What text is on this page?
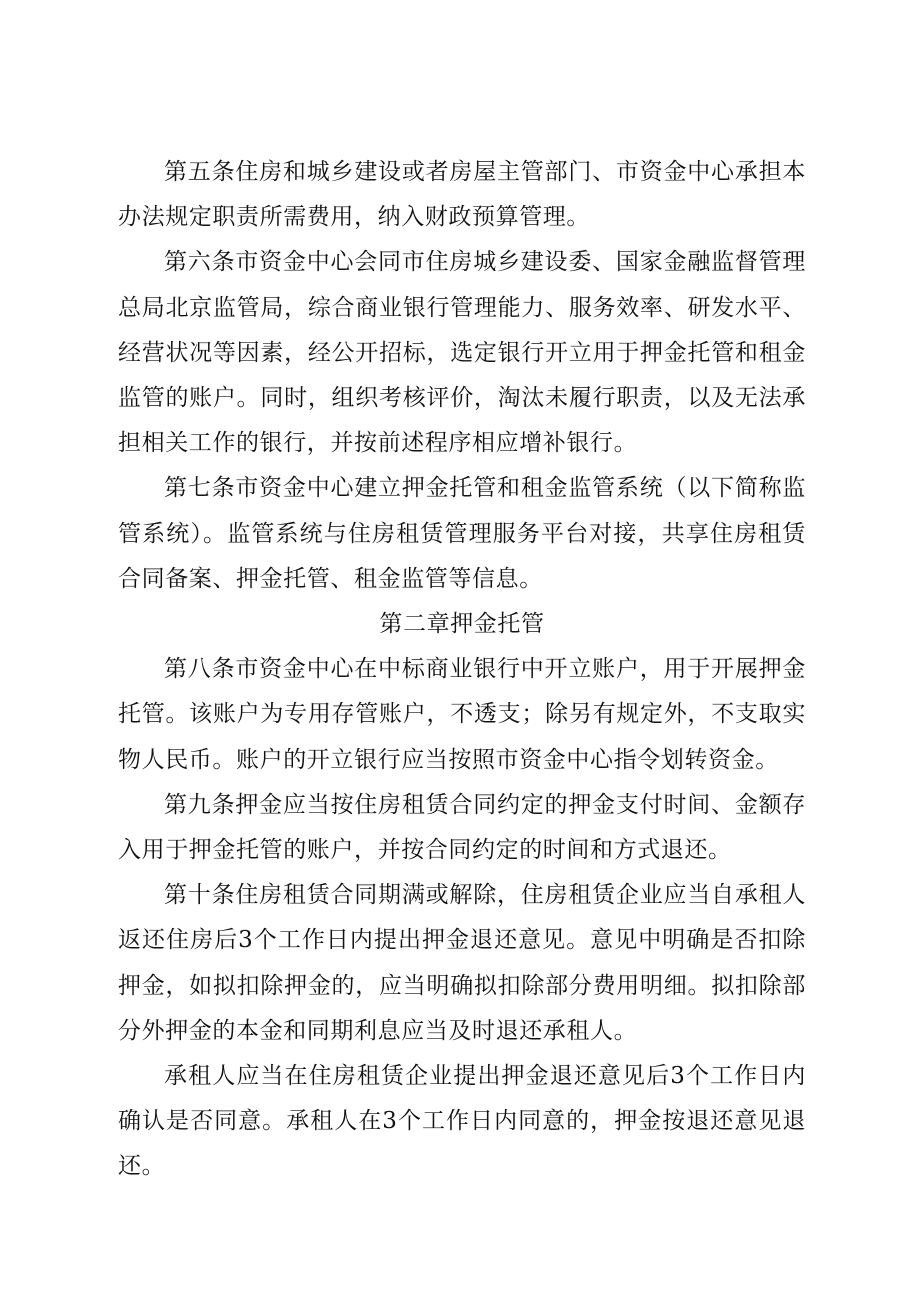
第五条住房和城乡建设或者房屋主管部门、市资金中心承担本办法规定职责所需费用，纳入财政预算管理。

第六条市资金中心会同市住房城乡建设委、国家金融监督管理总局北京监管局，综合商业银行管理能力、服务效率、研发水平、经营状况等因素，经公开招标，选定银行开立用于押金托管和租金监管的账户。同时，组织考核评价，淘汰未履行职责，以及无法承担相关工作的银行，并按前述程序相应增补银行。

第七条市资金中心建立押金托管和租金监管系统（以下简称监管系统）。监管系统与住房租赁管理服务平台对接，共享住房租赁合同备案、押金托管、租金监管等信息。

第二章押金托管

第八条市资金中心在中标商业银行中开立账户，用于开展押金托管。该账户为专用存管账户，不透支；除另有规定外，不支取实物人民币。账户的开立银行应当按照市资金中心指令划转资金。

第九条押金应当按住房租赁合同约定的押金支付时间、金额存入用于押金托管的账户，并按合同约定的时间和方式退还。

第十条住房租赁合同期满或解除，住房租赁企业应当自承租人返还住房后3个工作日内提出押金退还意见。意见中明确是否扣除押金，如拟扣除押金的，应当明确拟扣除部分费用明细。拟扣除部分外押金的本金和同期利息应当及时退还承租人。

承租人应当在住房租赁企业提出押金退还意见后3个工作日内确认是否同意。承租人在3个工作日内同意的，押金按退还意见退还。
